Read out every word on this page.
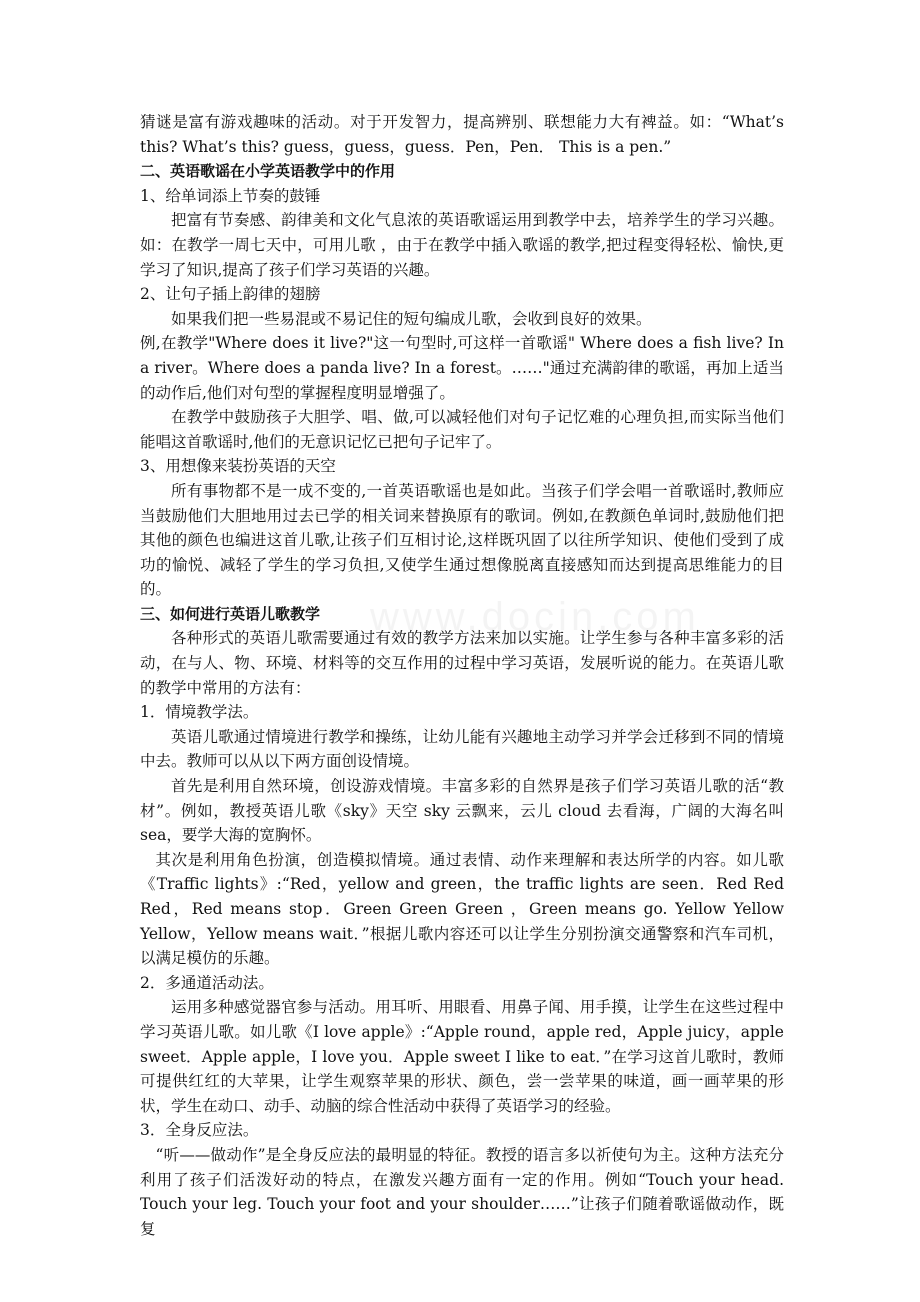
猜谜是富有游戏趣味的活动。对于开发智力，提高辨别、联想能力大有裨益。如：“What’s this? What’s this? guess，guess，guess．Pen，Pen． This is a pen.”

二、英语歌谣在小学英语教学中的作用

1、给单词添上节奏的鼓锤

把富有节奏感、韵律美和文化气息浓的英语歌谣运用到教学中去，培养学生的学习兴趣。如：在教学一周七天中，可用儿歌 ，由于在教学中插入歌谣的教学,把过程变得轻松、愉快,更学习了知识,提高了孩子们学习英语的兴趣。

2、让句子插上韵律的翅膀

如果我们把一些易混或不易记住的短句编成儿歌，会收到良好的效果。

例,在教学"Where does it live?"这一句型时,可这样一首歌谣" Where does a fish live? In a river。Where does a panda live? In a forest。……"通过充满韵律的歌谣，再加上适当的动作后,他们对句型的掌握程度明显增强了。

在教学中鼓励孩子大胆学、唱、做,可以减轻他们对句子记忆难的心理负担,而实际当他们能唱这首歌谣时,他们的无意识记忆已把句子记牢了。

3、用想像来装扮英语的天空

所有事物都不是一成不变的,一首英语歌谣也是如此。当孩子们学会唱一首歌谣时,教师应当鼓励他们大胆地用过去已学的相关词来替换原有的歌词。例如,在教颜色单词时,鼓励他们把其他的颜色也编进这首儿歌,让孩子们互相讨论,这样既巩固了以往所学知识、使他们受到了成功的愉悦、减轻了学生的学习负担,又使学生通过想像脱离直接感知而达到提高思维能力的目的。

三、如何进行英语儿歌教学

各种形式的英语儿歌需要通过有效的教学方法来加以实施。让学生参与各种丰富多彩的活动，在与人、物、环境、材料等的交互作用的过程中学习英语，发展听说的能力。在英语儿歌的教学中常用的方法有：

1．情境教学法。

英语儿歌通过情境进行教学和操练，让幼儿能有兴趣地主动学习并学会迁移到不同的情境中去。教师可以从以下两方面创设情境。

首先是利用自然环境，创设游戏情境。丰富多彩的自然界是孩子们学习英语儿歌的活“教材”。例如，教授英语儿歌《sky》天空 sky 云飘来，云儿 cloud 去看海，广阔的大海名叫 sea，要学大海的宽胸怀。

其次是利用角色扮演，创造模拟情境。通过表情、动作来理解和表达所学的内容。如儿歌《Traffic lights》:“Red，yellow and green，the traffic lights are seen．Red Red Red，Red means stop．Green Green Green ，Green means go. Yellow Yellow Yellow，Yellow means wait．”根据儿歌内容还可以让学生分别扮演交通警察和汽车司机，以满足模仿的乐趣。

2．多通道活动法。

运用多种感觉器官参与活动。用耳听、用眼看、用鼻子闻、用手摸，让学生在这些过程中学习英语儿歌。如儿歌《I love apple》:“Apple round，apple red，Apple juicy，apple sweet．Apple apple，I love you．Apple sweet I like to eat．”在学习这首儿歌时，教师可提供红红的大苹果，让学生观察苹果的形状、颜色，尝一尝苹果的味道，画一画苹果的形状，学生在动口、动手、动脑的综合性活动中获得了英语学习的经验。

3．全身反应法。

“听——做动作”是全身反应法的最明显的特征。教授的语言多以祈使句为主。这种方法充分利用了孩子们活泼好动的特点，在激发兴趣方面有一定的作用。例如“Touch your head. Touch your leg. Touch your foot and your shoulder……”让孩子们随着歌谣做动作，既复
